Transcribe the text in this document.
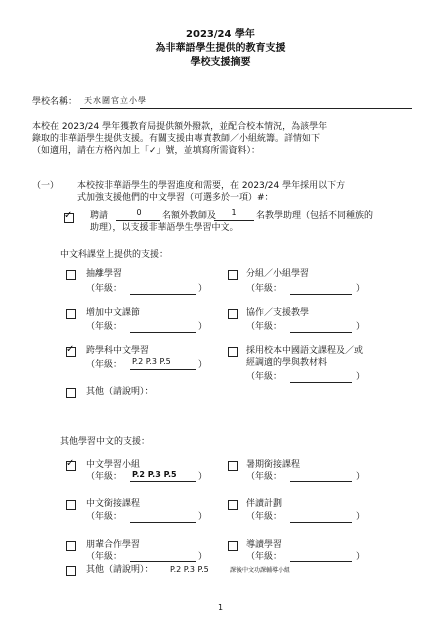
2023/24 學年
為非華語學生提供的教育支援
學校支援摘要
學校名稱： 天水圍官立小學
本校在 2023/24 學年獲教育局提供額外撥款，並配合校本情況，為該學年
錄取的非華語學生提供支援。有關支援由專責教師／小組統籌。詳情如下
（如適用，請在方格內加上「✓」號，並填寫所需資料）：
（一） 本校按非華語學生的學習進度和需要，在 2023/24 學年採用以下方
式加強支援他們的中文學習（可選多於一項）#：
✓ 聘請	0	名額外教師及	1	名教學助理（包括不同種族的
助理），以支援非華語學生學習中文。
中文科課堂上提供的支援：
抽離學習
（年級：	）
分組／小組學習
（年級：	）
增加中文課節
（年級：	）
協作／支援教學
（年級：	）
✓ 跨學科中文學習
（年級： P.2 P.3 P.5	）
採用校本中國語文課程及／或
經調適的學與教材料
（年級：	）
其他（請說明）：
其他學習中文的支援：
✓ 中文學習小組
（年級： P.2 P.3 P.5 ）
暑期銜接課程
（年級：	）
中文銜接課程
（年級：	）
伴讀計劃
（年級：	）
朋輩合作學習
（年級：	）
導讀學習
（年級：	）
其他（請說明）： P.2 P.3 P.5	課後中文功課輔導小組
1
